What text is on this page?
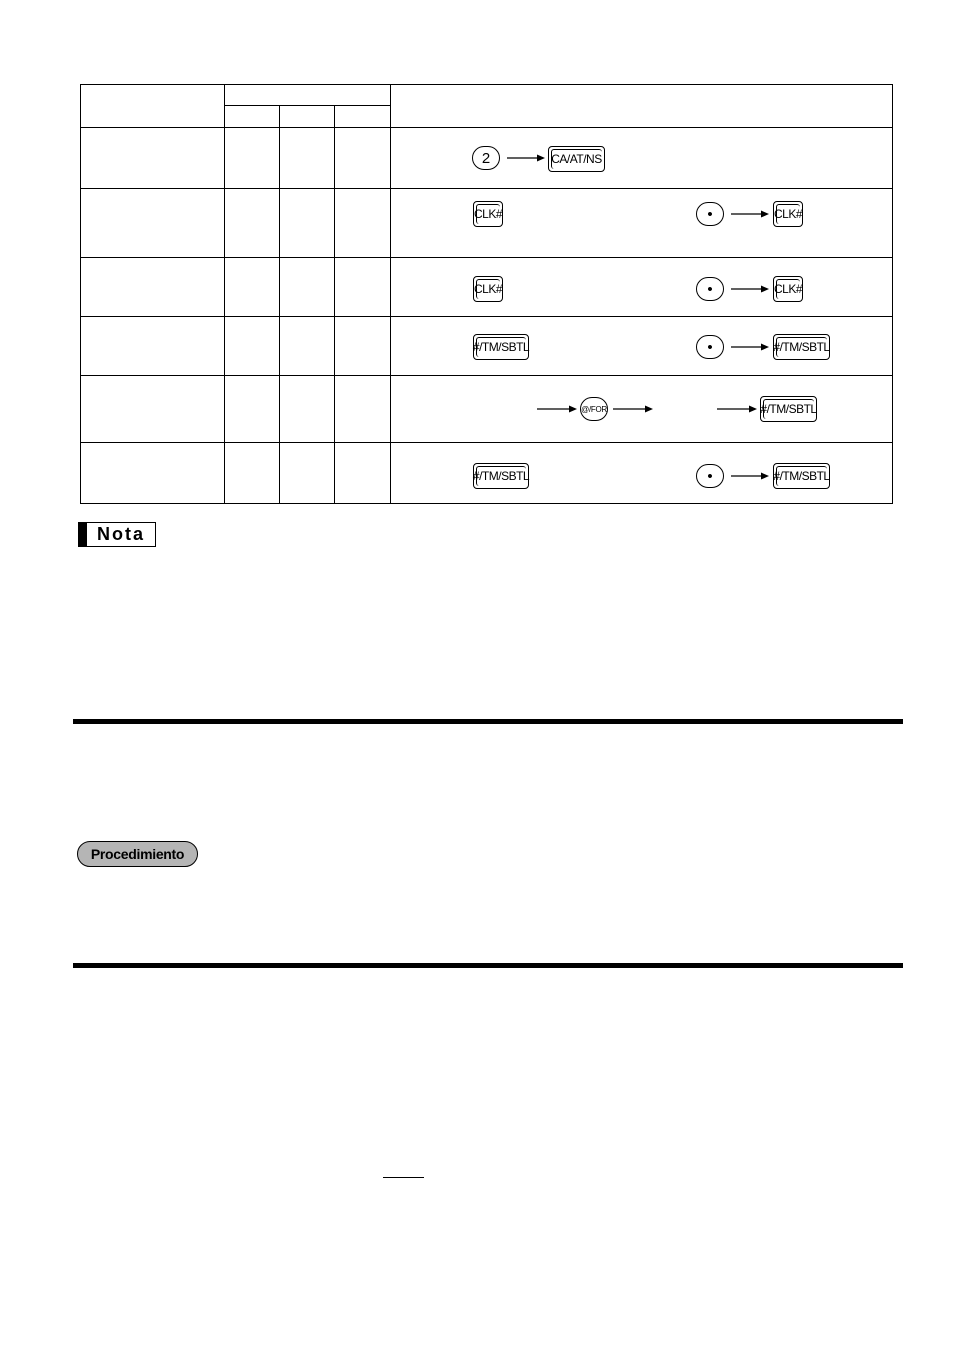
2	CA/AT/NS
CLK#	•	CLK#
CLK#	•	CLK#
#/TM/SBTL	•	#/TM/SBTL
@/FOR	#/TM/SBTL
#/TM/SBTL	•	#/TM/SBTL
Nota
Procedimiento
